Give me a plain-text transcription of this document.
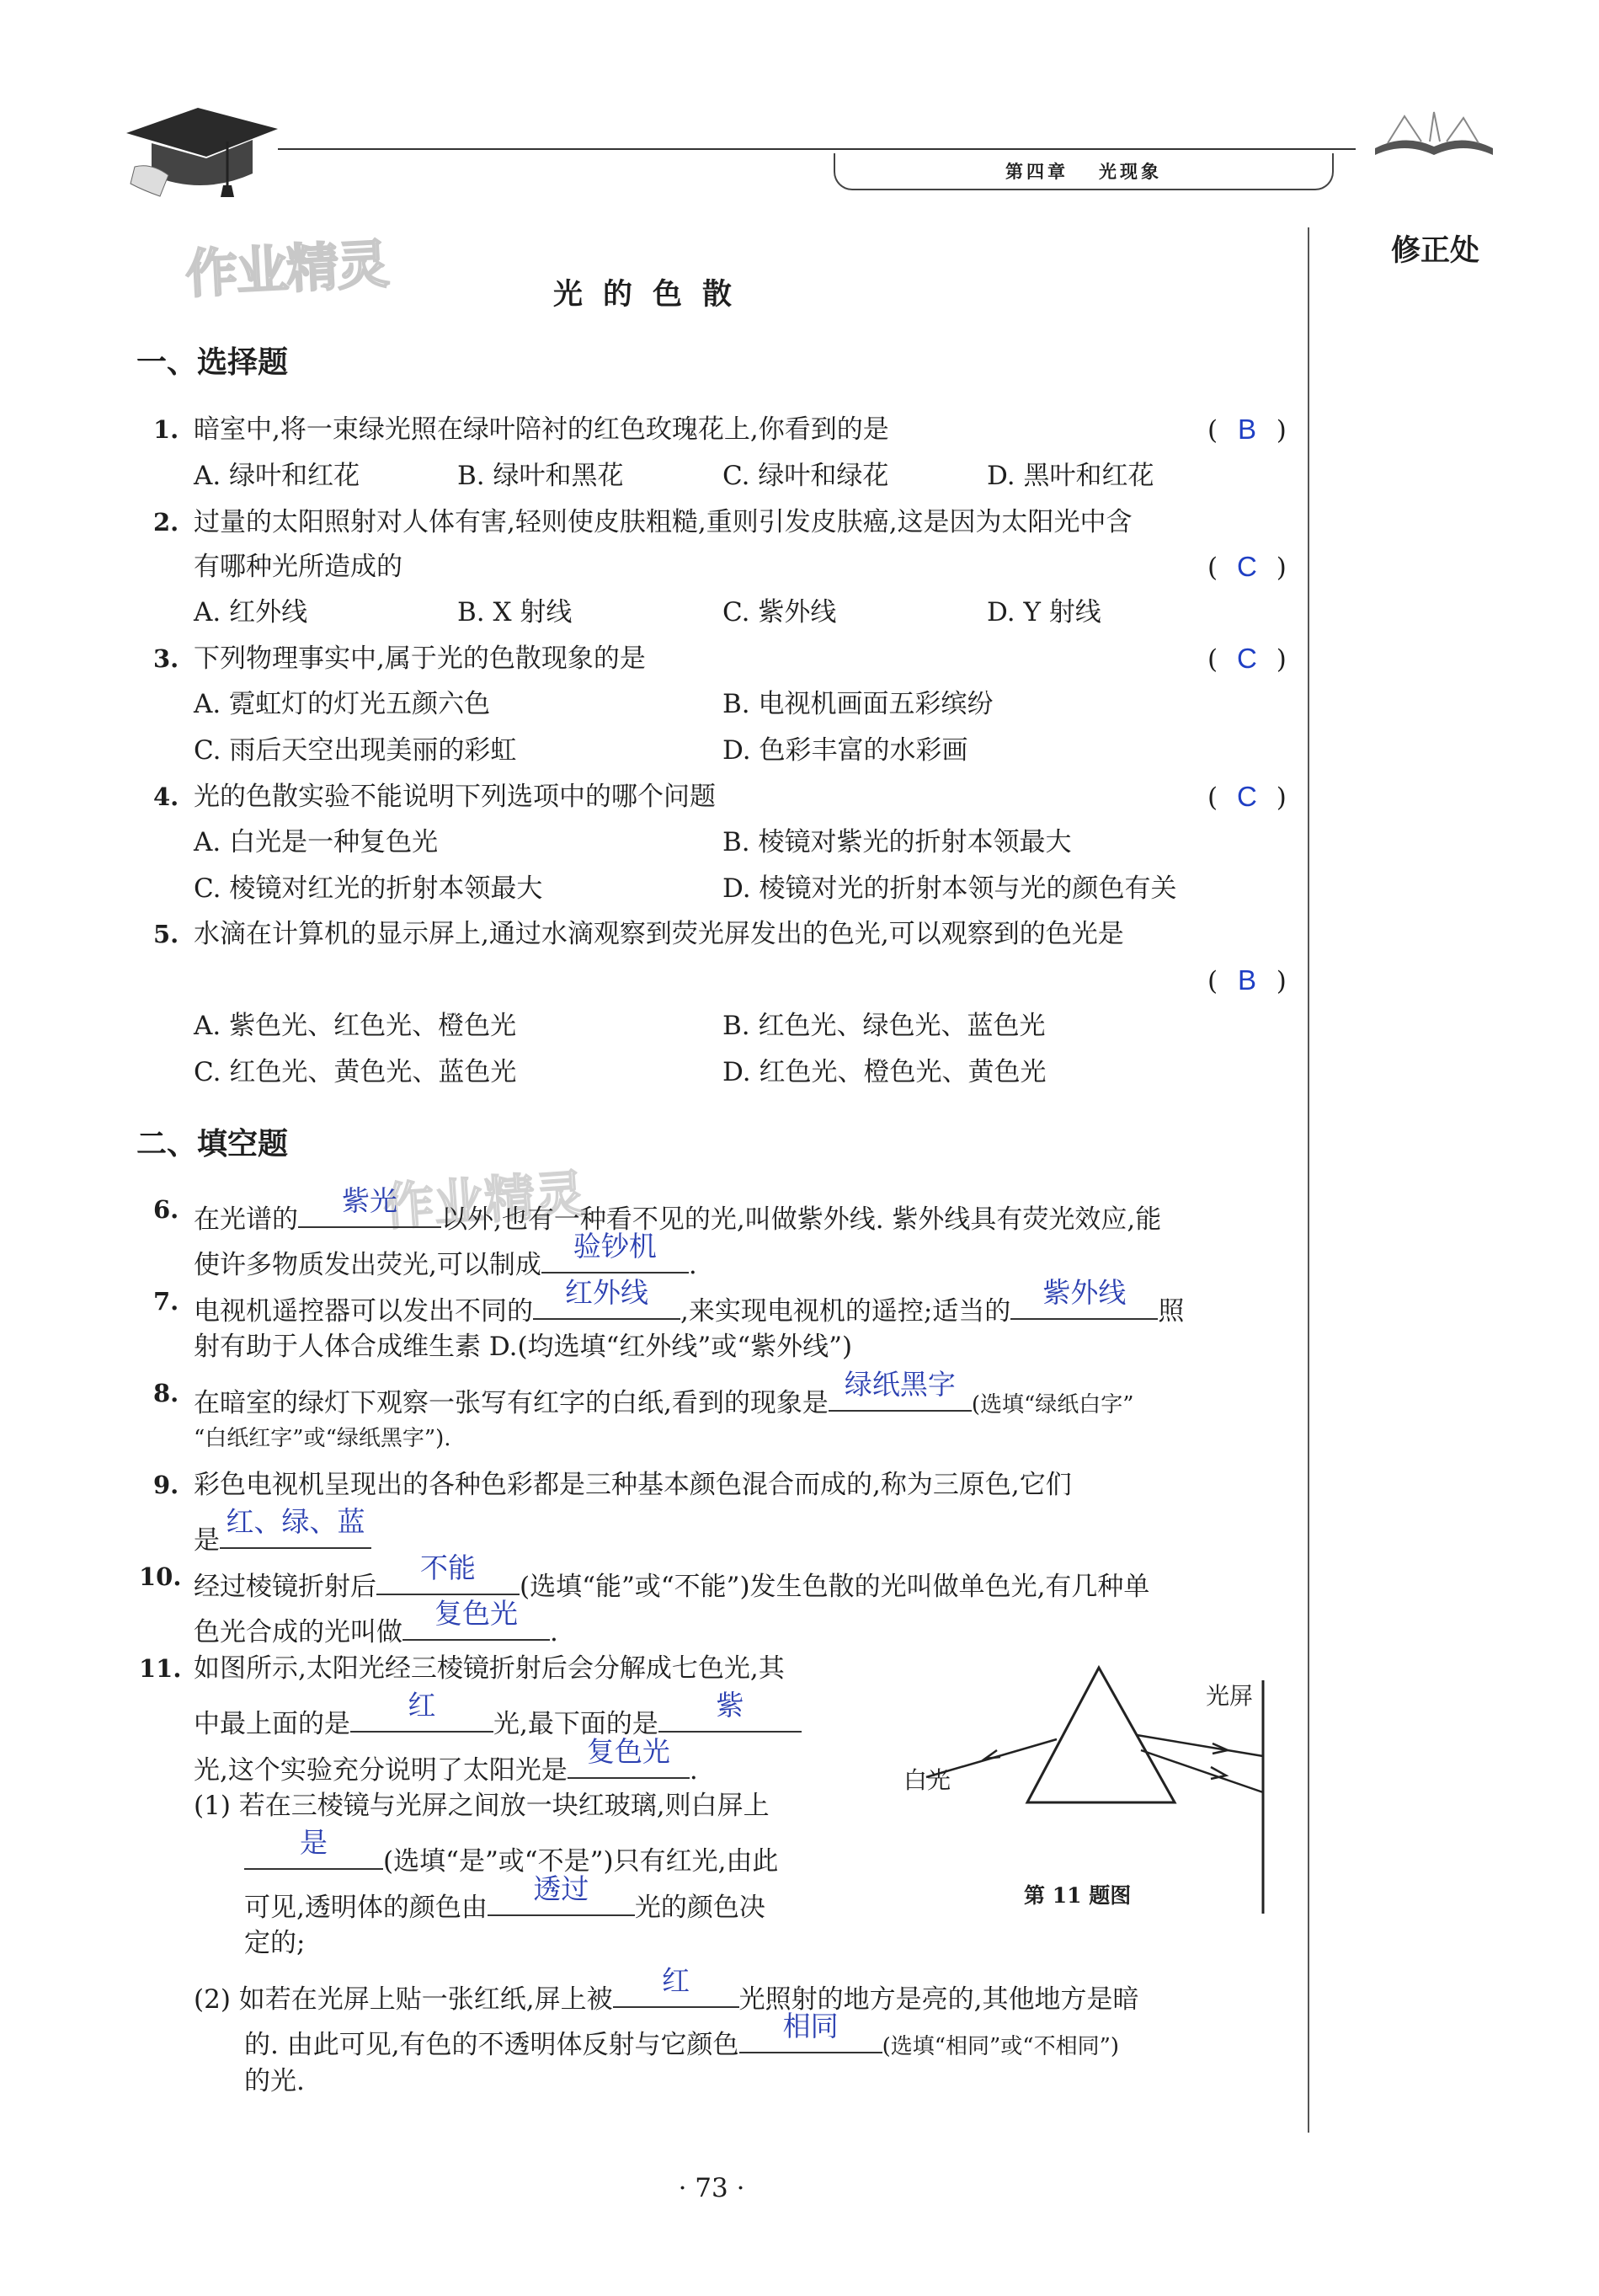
第四章 光现象
修正处
作业精灵
作业精灵
光的色散
一、选择题
1. 暗室中,将一束绿光照在绿叶陪衬的红色玫瑰花上,你看到的是	( B )
A. 绿叶和红花	B. 绿叶和黑花	C. 绿叶和绿花	D. 黑叶和红花
2. 过量的太阳照射对人体有害,轻则使皮肤粗糙,重则引发皮肤癌,这是因为太阳光中含
有哪种光所造成的	( C )
A. 红外线	B. X 射线	C. 紫外线	D. Y 射线
3. 下列物理事实中,属于光的色散现象的是	( C )
A. 霓虹灯的灯光五颜六色	B. 电视机画面五彩缤纷
C. 雨后天空出现美丽的彩虹	D. 色彩丰富的水彩画
4. 光的色散实验不能说明下列选项中的哪个问题	( C )
A. 白光是一种复色光	B. 棱镜对紫光的折射本领最大
C. 棱镜对红光的折射本领最大	D. 棱镜对光的折射本领与光的颜色有关
5. 水滴在计算机的显示屏上,通过水滴观察到荧光屏发出的色光,可以观察到的色光是
( B )
A. 紫色光、红色光、橙色光	B. 红色光、绿色光、蓝色光
C. 红色光、黄色光、蓝色光	D. 红色光、橙色光、黄色光
二、填空题
6. 在光谱的
紫光
以外,也有一种看不见的光,叫做紫外线. 紫外线具有荧光效应,能
使许多物质发出荧光,可以制成
验钞机
.
7. 电视机遥控器可以发出不同的
红外线
,来实现电视机的遥控;适当的
紫外线
照
射有助于人体合成维生素 D.(均选填“红外线”或“紫外线”)
8. 在暗室的绿灯下观察一张写有红字的白纸,看到的现象是
绿纸黑字
(选填“绿纸白字”
“白纸红字”或“绿纸黑字”).
9. 彩色电视机呈现出的各种色彩都是三种基本颜色混合而成的,称为三原色,它们
是
红、绿、蓝
10. 经过棱镜折射后
不能
(选填“能”或“不能”)发生色散的光叫做单色光,有几种单
色光合成的光叫做
复色光
.
11. 如图所示,太阳光经三棱镜折射后会分解成七色光,其
中最上面的是
红
光,最下面的是
紫
光,这个实验充分说明了太阳光是
复色光
.
(1) 若在三棱镜与光屏之间放一块红玻璃,则白屏上
是
(选填“是”或“不是”)只有红光,由此
可见,透明体的颜色由
透过
光的颜色决
定的;
(2) 如若在光屏上贴一张红纸,屏上被
红
光照射的地方是亮的,其他地方是暗
的. 由此可见,有色的不透明体反射与它颜色
相同
(选填“相同”或“不相同”)
的光.
光屏
白光
第 11 题图
· 73 ·
